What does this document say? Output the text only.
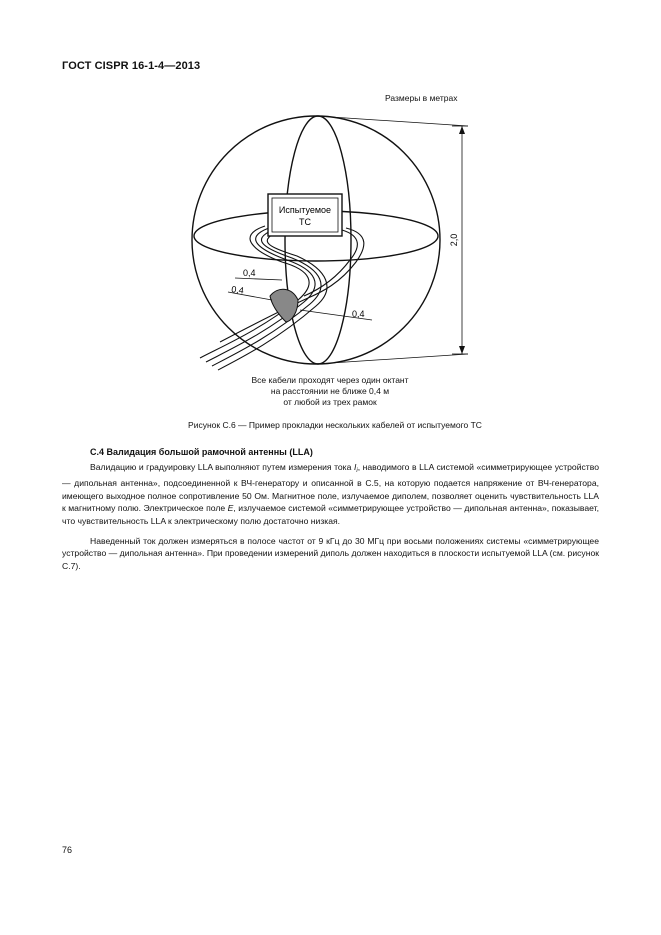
ГОСТ CISPR 16-1-4—2013
Размеры в метрах
Испытуемое
ТС
0,4
0,4
0,4
2,0
Все кабели проходят через один октант
на расстоянии не ближе 0,4 м
от любой из трех рамок
Рисунок С.6 — Пример прокладки нескольких кабелей от испытуемого ТС
С.4 Валидация большой рамочной антенны (LLA)
Валидацию и градуировку LLA выполняют путем измерения тока $I_i$, наводимого в LLA системой «симметрирующее устройство — дипольная антенна», подсоединенной к ВЧ-генератору и описанной в С.5, на которую подается напряжение от ВЧ-генератора, имеющего выходное полное сопротивление 50 Ом. Магнитное поле, излучаемое диполем, позволяет оценить чувствительность LLA к магнитному полю. Электрическое поле E, излучаемое системой «симметрирующее устройство — дипольная антенна», показывает, что чувствительность LLA к электрическому полю достаточно низкая.
Наведенный ток должен измеряться в полосе частот от 9 кГц до 30 МГц при восьми положениях системы «симметрирующее устройство — дипольная антенна». При проведении измерений диполь должен находиться в плоскости испытуемой LLA (см. рисунок С.7).
76
